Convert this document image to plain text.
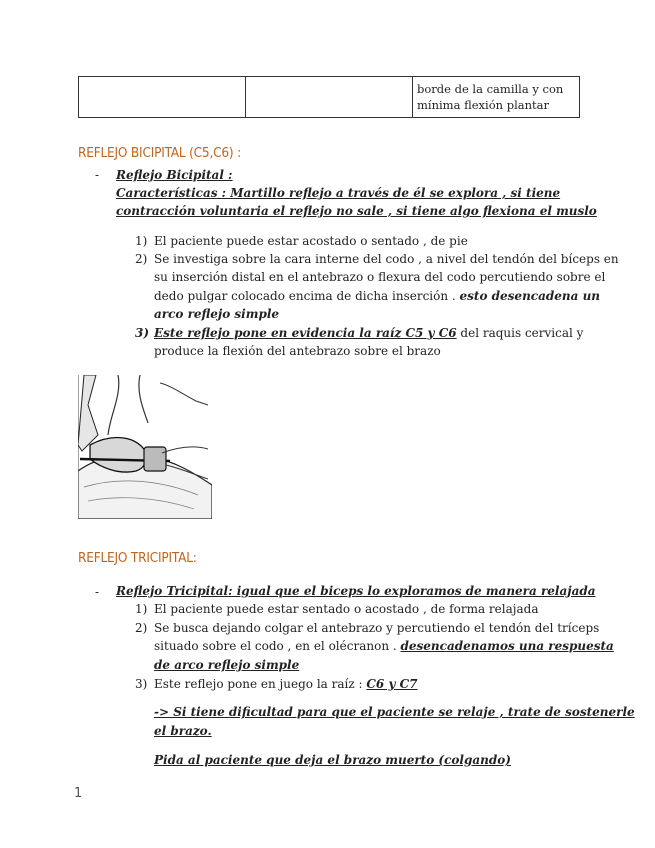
		borde de la camilla y con mínima flexión plantar
REFLEJO BICIPITAL (C5,C6) :
- Reflejo Bicipital :
Características : Martillo reflejo a través de él se explora , si tiene
contracción voluntaria el reflejo no sale , si tiene algo flexiona el muslo
1) El paciente puede estar acostado o sentado , de pie
2) Se investiga sobre la cara interne del codo , a nivel del tendón del bíceps en
su inserción distal en el antebrazo o flexura del codo percutiendo sobre el
dedo pulgar colocado encima de dicha inserción . esto desencadena un
arco reflejo simple
3) Este reflejo pone en evidencia la raíz C5 y C6 del raquis cervical y
produce la flexión del antebrazo sobre el brazo
REFLEJO TRICIPITAL:
- Reflejo Tricipital: igual que el biceps lo exploramos de manera relajada
1) El paciente puede estar sentado o acostado , de forma relajada
2) Se busca dejando colgar el antebrazo y percutiendo el tendón del tríceps
situado sobre el codo , en el olécranon . desencadenamos una respuesta
de arco reflejo simple
3) Este reflejo pone en juego la raíz : C6 y C7
-> Si tiene dificultad para que el paciente se relaje , trate de sostenerle
el brazo.
Pida al paciente que deja el brazo muerto (colgando)
1
